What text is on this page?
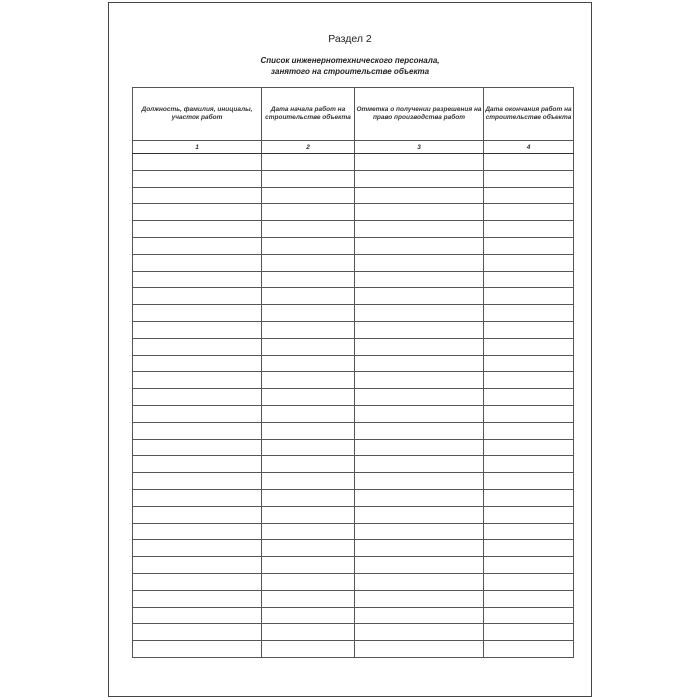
Раздел 2
Список инженернотехнического персонала,
занятого на строительстве объекта
Должность, фамилия, инициалы, участок работ	Дата начала работ на строительстве объекта	Отметка о получении разрешения на право производства работ	Дата окончания работ на строительстве объекта
1	2	3	4
